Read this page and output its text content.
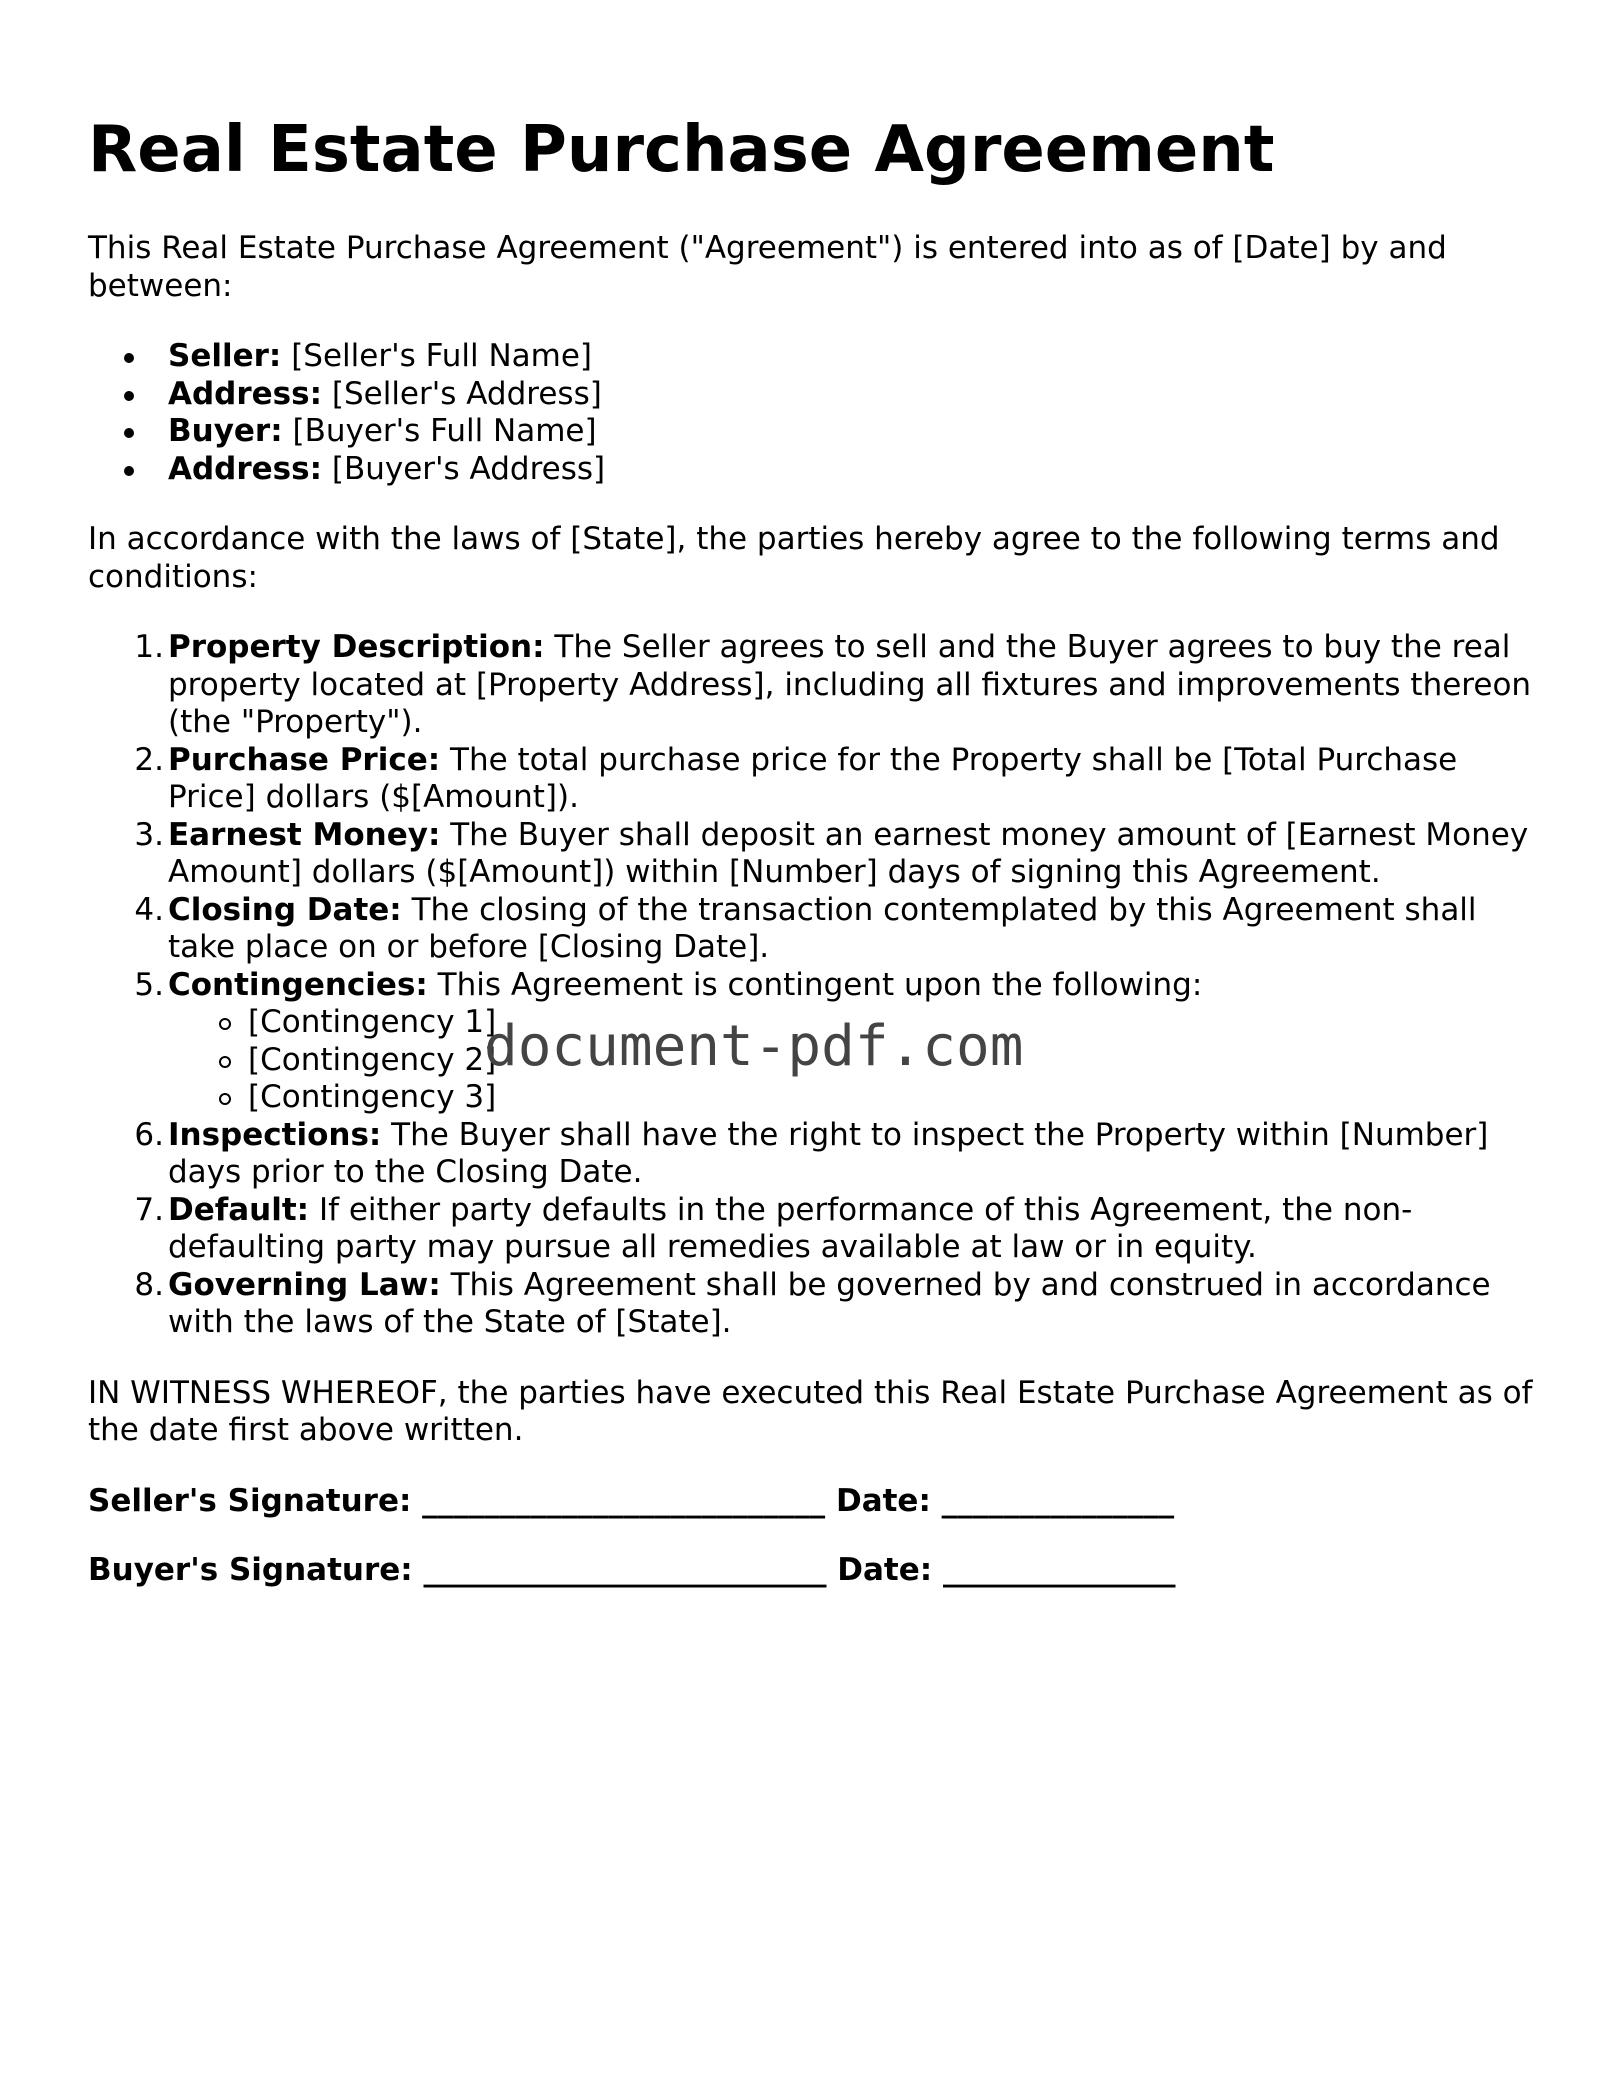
Real Estate Purchase Agreement

This Real Estate Purchase Agreement ("Agreement") is entered into as of [Date] by and between:

Seller: [Seller's Full Name]
Address: [Seller's Address]
Buyer: [Buyer's Full Name]
Address: [Buyer's Address]

In accordance with the laws of [State], the parties hereby agree to the following terms and conditions:

1. Property Description: The Seller agrees to sell and the Buyer agrees to buy the real property located at [Property Address], including all fixtures and improvements thereon (the "Property").
2. Purchase Price: The total purchase price for the Property shall be [Total Purchase Price] dollars ($[Amount]).
3. Earnest Money: The Buyer shall deposit an earnest money amount of [Earnest Money Amount] dollars ($[Amount]) within [Number] days of signing this Agreement.
4. Closing Date: The closing of the transaction contemplated by this Agreement shall take place on or before [Closing Date].
5. Contingencies: This Agreement is contingent upon the following:
[Contingency 1]
[Contingency 2]
[Contingency 3]
6. Inspections: The Buyer shall have the right to inspect the Property within [Number] days prior to the Closing Date.
7. Default: If either party defaults in the performance of this Agreement, the non-defaulting party may pursue all remedies available at law or in equity.
8. Governing Law: This Agreement shall be governed by and construed in accordance with the laws of the State of [State].

IN WITNESS WHEREOF, the parties have executed this Real Estate Purchase Agreement as of the date first above written.

Seller's Signature: __________________________ Date: _______________

Buyer's Signature: __________________________ Date: _______________

document-pdf.com
